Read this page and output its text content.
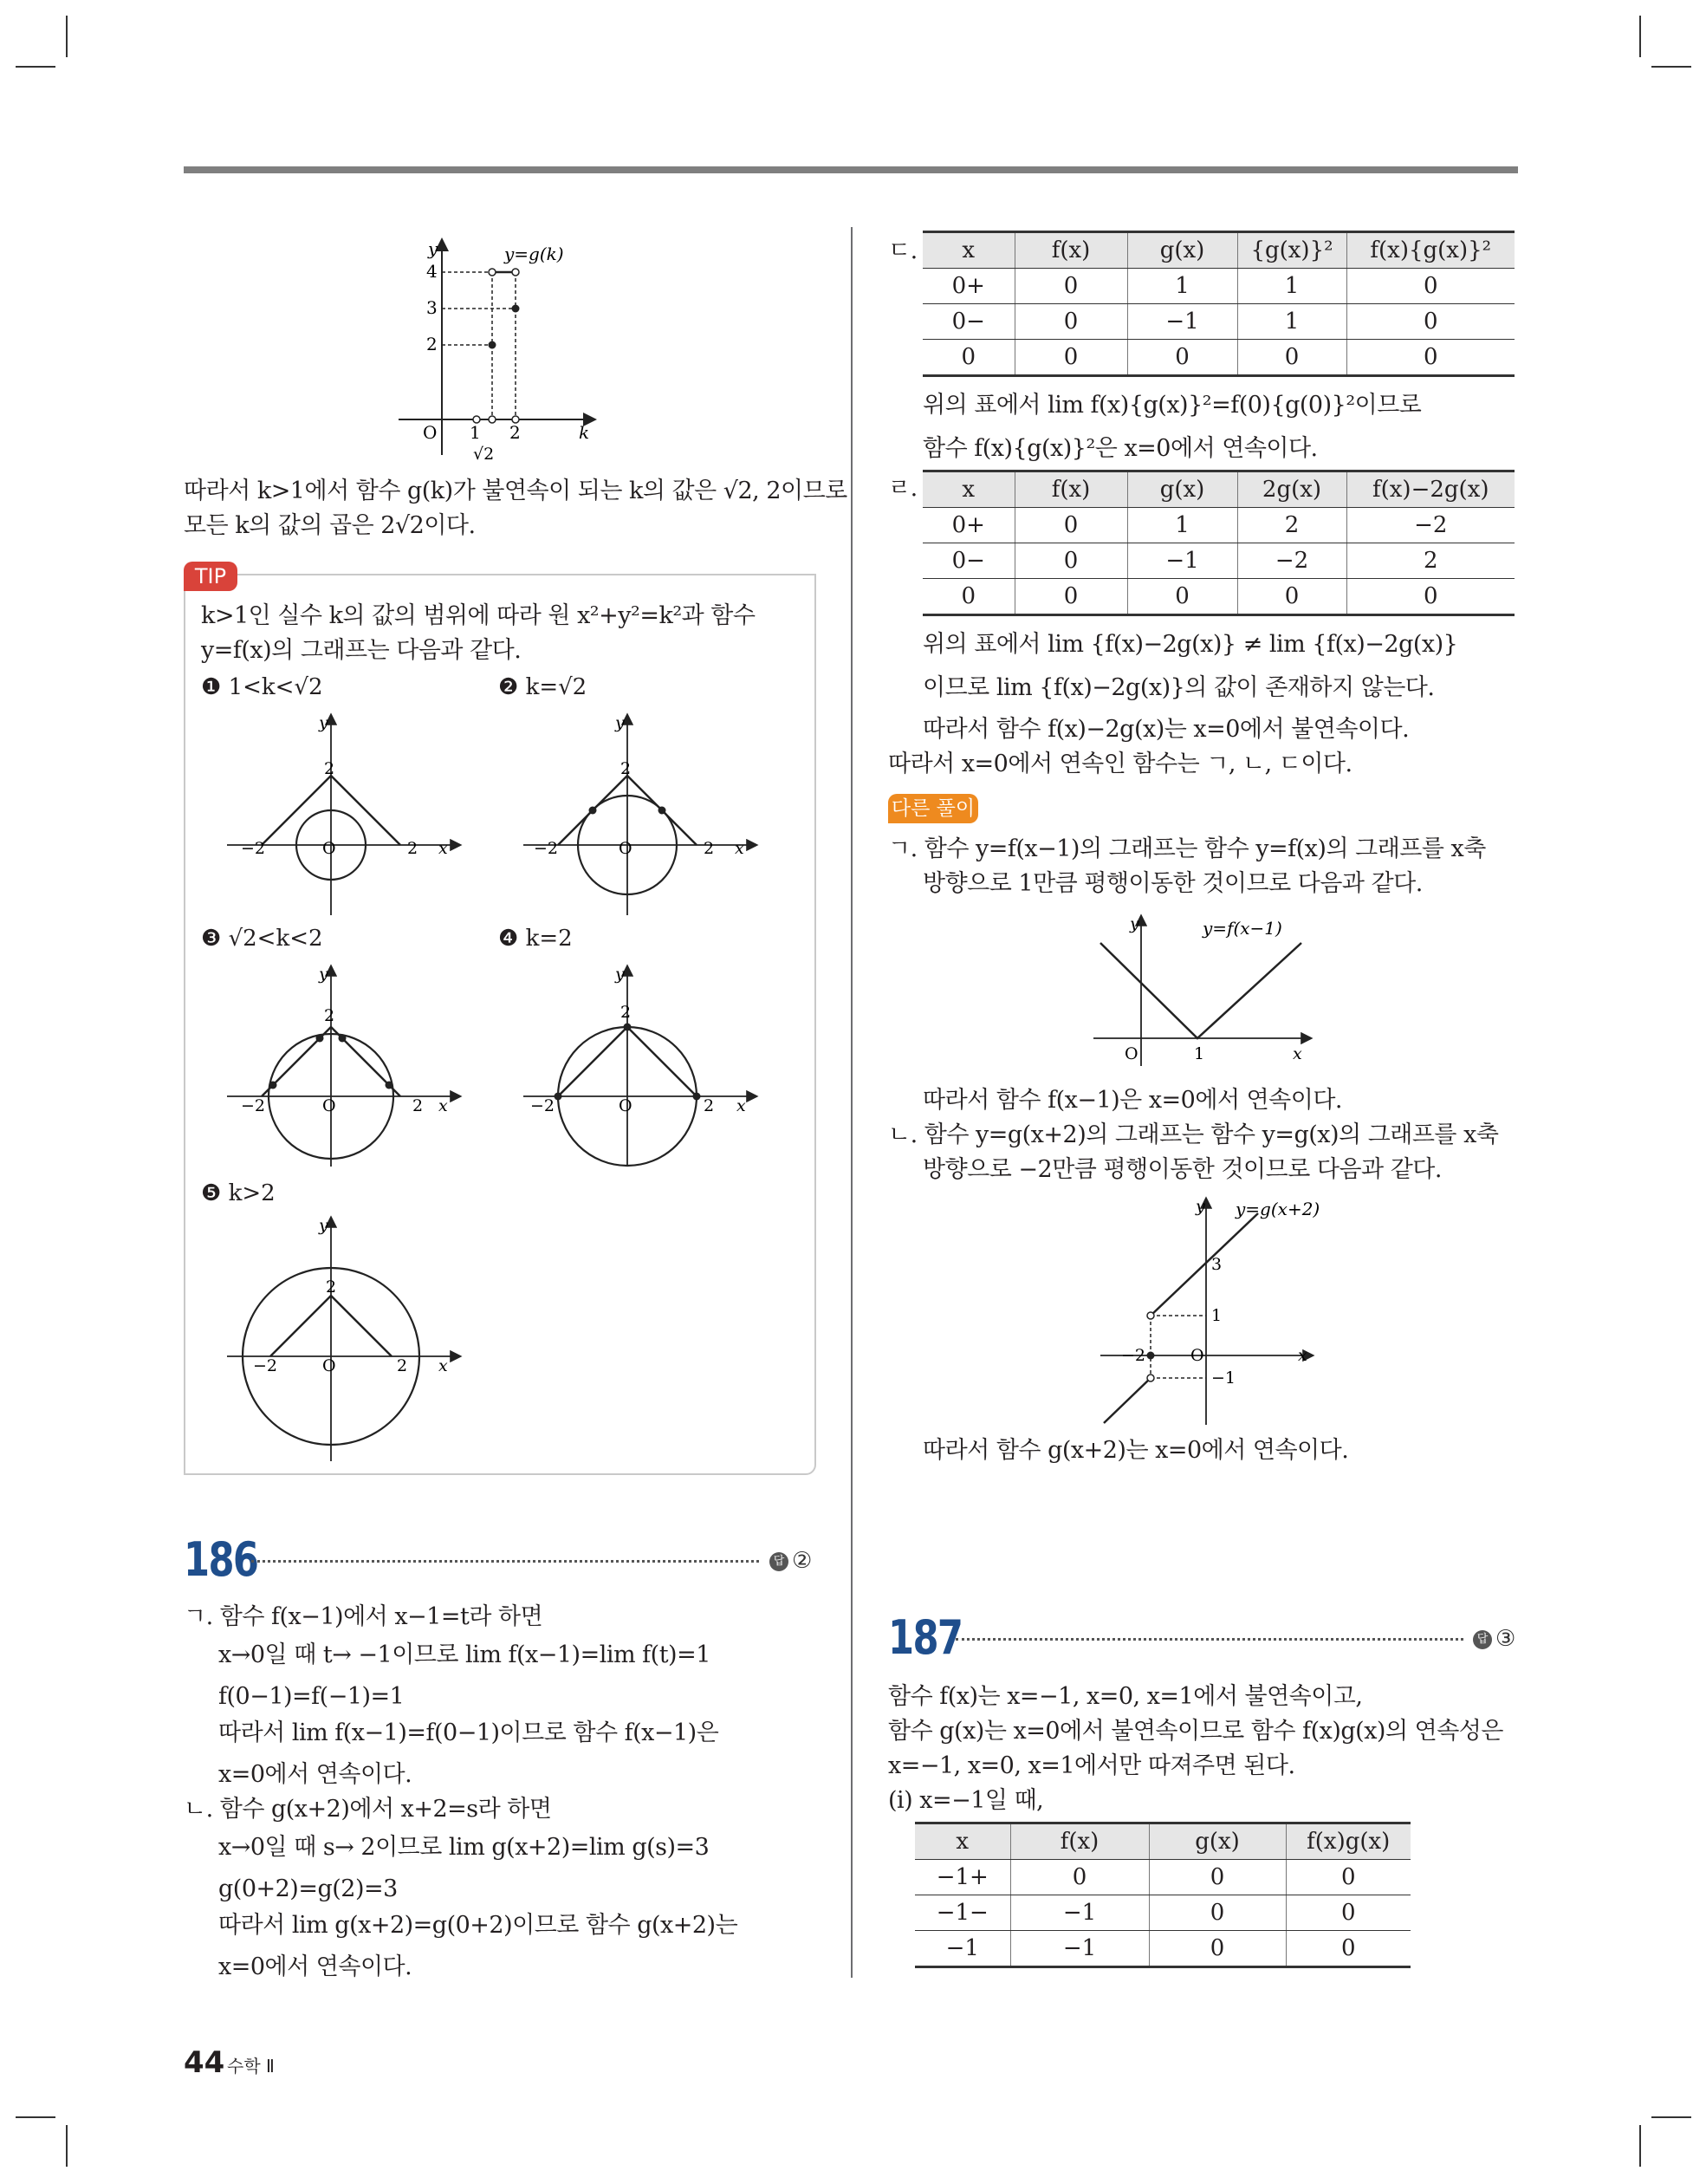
4
3
2
y
O 1 2	k
√2
y=g(k)
따라서 k>1에서 함수 g(k)가 불연속이 되는 k의 값은 √2, 2이므로
모든 k의 값의 곱은 2√2이다.
TIP
k>1인 실수 k의 값의 범위에 따라 원 x²+y²=k²과 함수
y=f(x)의 그래프는 다음과 같다.
❶ 1<k<√2	❷ k=√2
❸ √2<k<2	❹ k=2
❺ k>2
y
2
−2	O	2 x
y
2
−2	O	2 x
y
2
−2	O	2 x
y
2
−2	O	2 x
y
2
−2	O	2 x
186	답 ②
ㄱ. 함수 f(x−1)에서 x−1=t라 하면
x→0일 때 t→ −1이므로 lim f(x−1)=lim f(t)=1
f(0−1)=f(−1)=1
따라서 lim f(x−1)=f(0−1)이므로 함수 f(x−1)은
x=0에서 연속이다.
ㄴ. 함수 g(x+2)에서 x+2=s라 하면
x→0일 때 s→ 2이므로 lim g(x+2)=lim g(s)=3
g(0+2)=g(2)=3
따라서 lim g(x+2)=g(0+2)이므로 함수 g(x+2)는
x=0에서 연속이다.
ㄷ. x	f(x)	g(x)	{g(x)}²	f(x){g(x)}²
0+	0	1	1	0
0−	0	−1	1	0
0	0	0	0	0
위의 표에서 lim f(x){g(x)}²=f(0){g(0)}²이므로
함수 f(x){g(x)}²은 x=0에서 연속이다.
ㄹ. x	f(x)	g(x)	2g(x)	f(x)−2g(x)
0+	0	1	2	−2
0−	0	−1	−2	2
0	0	0	0	0
위의 표에서 lim {f(x)−2g(x)} ≠ lim {f(x)−2g(x)}
이므로 lim {f(x)−2g(x)}의 값이 존재하지 않는다.
따라서 함수 f(x)−2g(x)는 x=0에서 불연속이다.
따라서 x=0에서 연속인 함수는 ㄱ, ㄴ, ㄷ이다.
다른 풀이
ㄱ. 함수 y=f(x−1)의 그래프는 함수 y=f(x)의 그래프를 x축
방향으로 1만큼 평행이동한 것이므로 다음과 같다.
y
O	1	x
y=f(x−1)
따라서 함수 f(x−1)은 x=0에서 연속이다.
ㄴ. 함수 y=g(x+2)의 그래프는 함수 y=g(x)의 그래프를 x축
방향으로 −2만큼 평행이동한 것이므로 다음과 같다.
y y=g(x+2)
3
1
−1
−2	O	x
따라서 함수 g(x+2)는 x=0에서 연속이다.
187	답 ③
함수 f(x)는 x=−1, x=0, x=1에서 불연속이고,
함수 g(x)는 x=0에서 불연속이므로 함수 f(x)g(x)의 연속성은
x=−1, x=0, x=1에서만 따져주면 된다.
(i) x=−1일 때,
x	f(x)	g(x)	f(x)g(x)
−1+	0	0	0
−1−	−1	0	0
−1	−1	0	0
44 수학 Ⅱ
